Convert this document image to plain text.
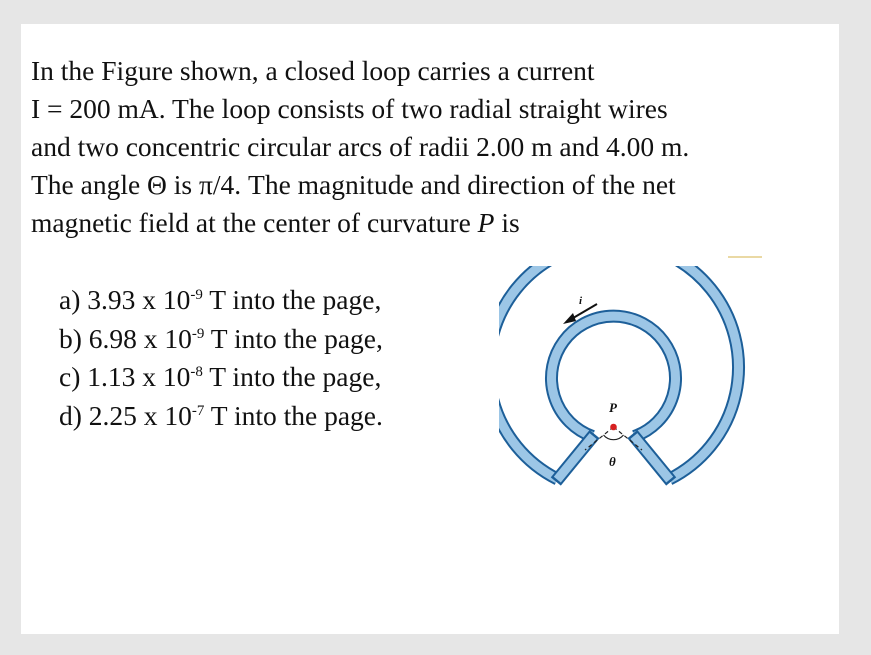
In the Figure shown, a closed loop carries a current
I = 200 mA. The loop consists of two radial straight wires
and two concentric circular arcs of radii 2.00 m and 4.00 m.
The angle Θ is π/4. The magnitude and direction of the net
magnetic field at the center of curvature P is

a) 3.93 x $10^{-9}$ T into the page,
b) 6.98 x $10^{-9}$ T into the page,
c) 1.13 x $10^{-8}$ T into the page,
d) 2.25 x $10^{-7}$ T into the page.	P
θ
i
